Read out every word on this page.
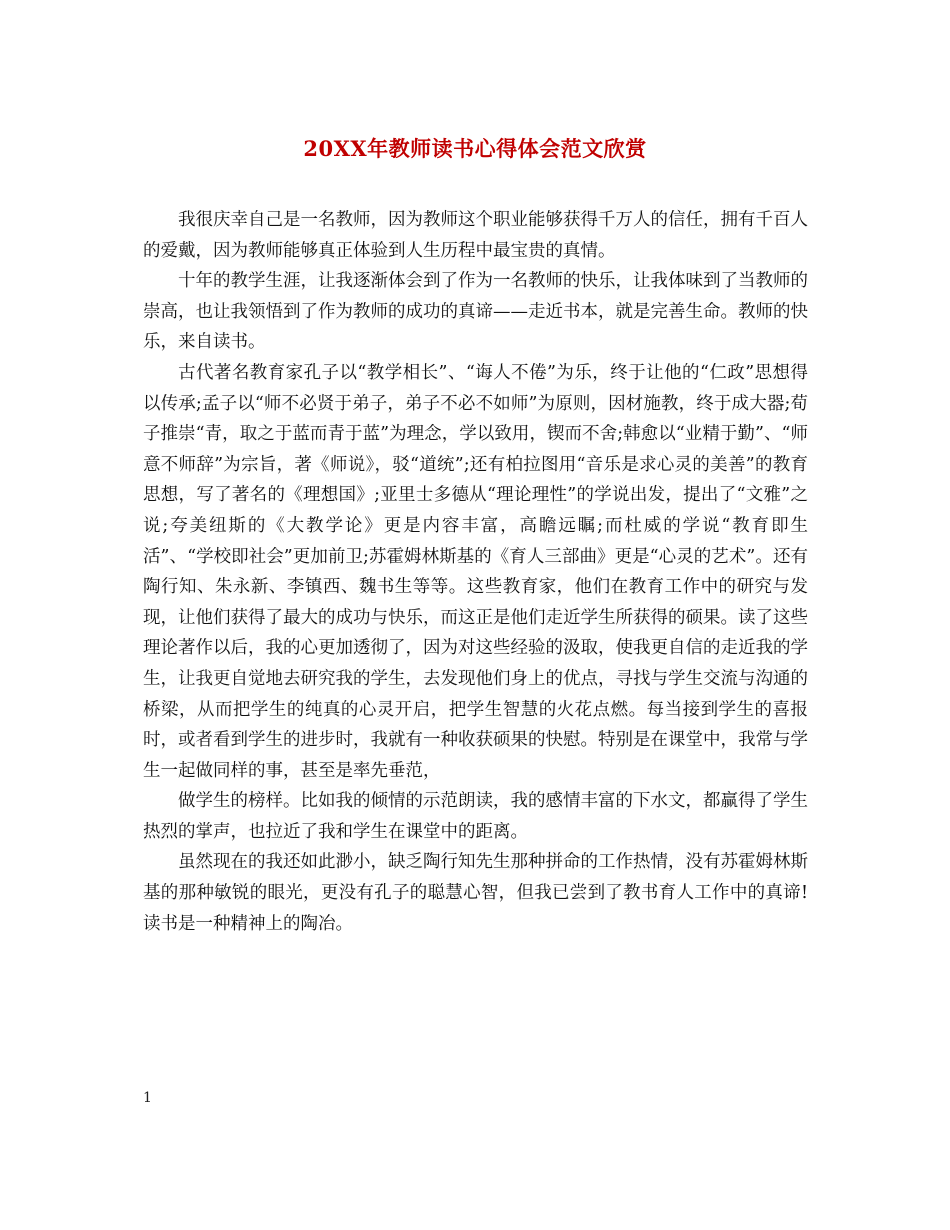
20XX年教师读书心得体会范文欣赏

我很庆幸自己是一名教师，因为教师这个职业能够获得千万人的信任，拥有千百人的爱戴，因为教师能够真正体验到人生历程中最宝贵的真情。

十年的教学生涯，让我逐渐体会到了作为一名教师的快乐，让我体味到了当教师的崇高，也让我领悟到了作为教师的成功的真谛——走近书本，就是完善生命。教师的快乐，来自读书。

古代著名教育家孔子以“教学相长”、“诲人不倦”为乐，终于让他的“仁政”思想得以传承;孟子以“师不必贤于弟子，弟子不必不如师”为原则，因材施教，终于成大器;荀子推崇“青，取之于蓝而青于蓝”为理念，学以致用，锲而不舍;韩愈以“业精于勤”、“师意不师辞”为宗旨，著《师说》，驳“道统”;还有柏拉图用“音乐是求心灵的美善”的教育思想，写了著名的《理想国》;亚里士多德从“理论理性”的学说出发，提出了“文雅”之说;夸美纽斯的《大教学论》更是内容丰富，高瞻远瞩;而杜威的学说“教育即生活”、“学校即社会”更加前卫;苏霍姆林斯基的《育人三部曲》更是“心灵的艺术”。还有陶行知、朱永新、李镇西、魏书生等等。这些教育家，他们在教育工作中的研究与发现，让他们获得了最大的成功与快乐，而这正是他们走近学生所获得的硕果。读了这些理论著作以后，我的心更加透彻了，因为对这些经验的汲取，使我更自信的走近我的学生，让我更自觉地去研究我的学生，去发现他们身上的优点，寻找与学生交流与沟通的桥梁，从而把学生的纯真的心灵开启，把学生智慧的火花点燃。每当接到学生的喜报时，或者看到学生的进步时，我就有一种收获硕果的快慰。特别是在课堂中，我常与学生一起做同样的事，甚至是率先垂范，

做学生的榜样。比如我的倾情的示范朗读，我的感情丰富的下水文，都赢得了学生热烈的掌声，也拉近了我和学生在课堂中的距离。

虽然现在的我还如此渺小，缺乏陶行知先生那种拼命的工作热情，没有苏霍姆林斯基的那种敏锐的眼光，更没有孔子的聪慧心智，但我已尝到了教书育人工作中的真谛!读书是一种精神上的陶冶。

1
